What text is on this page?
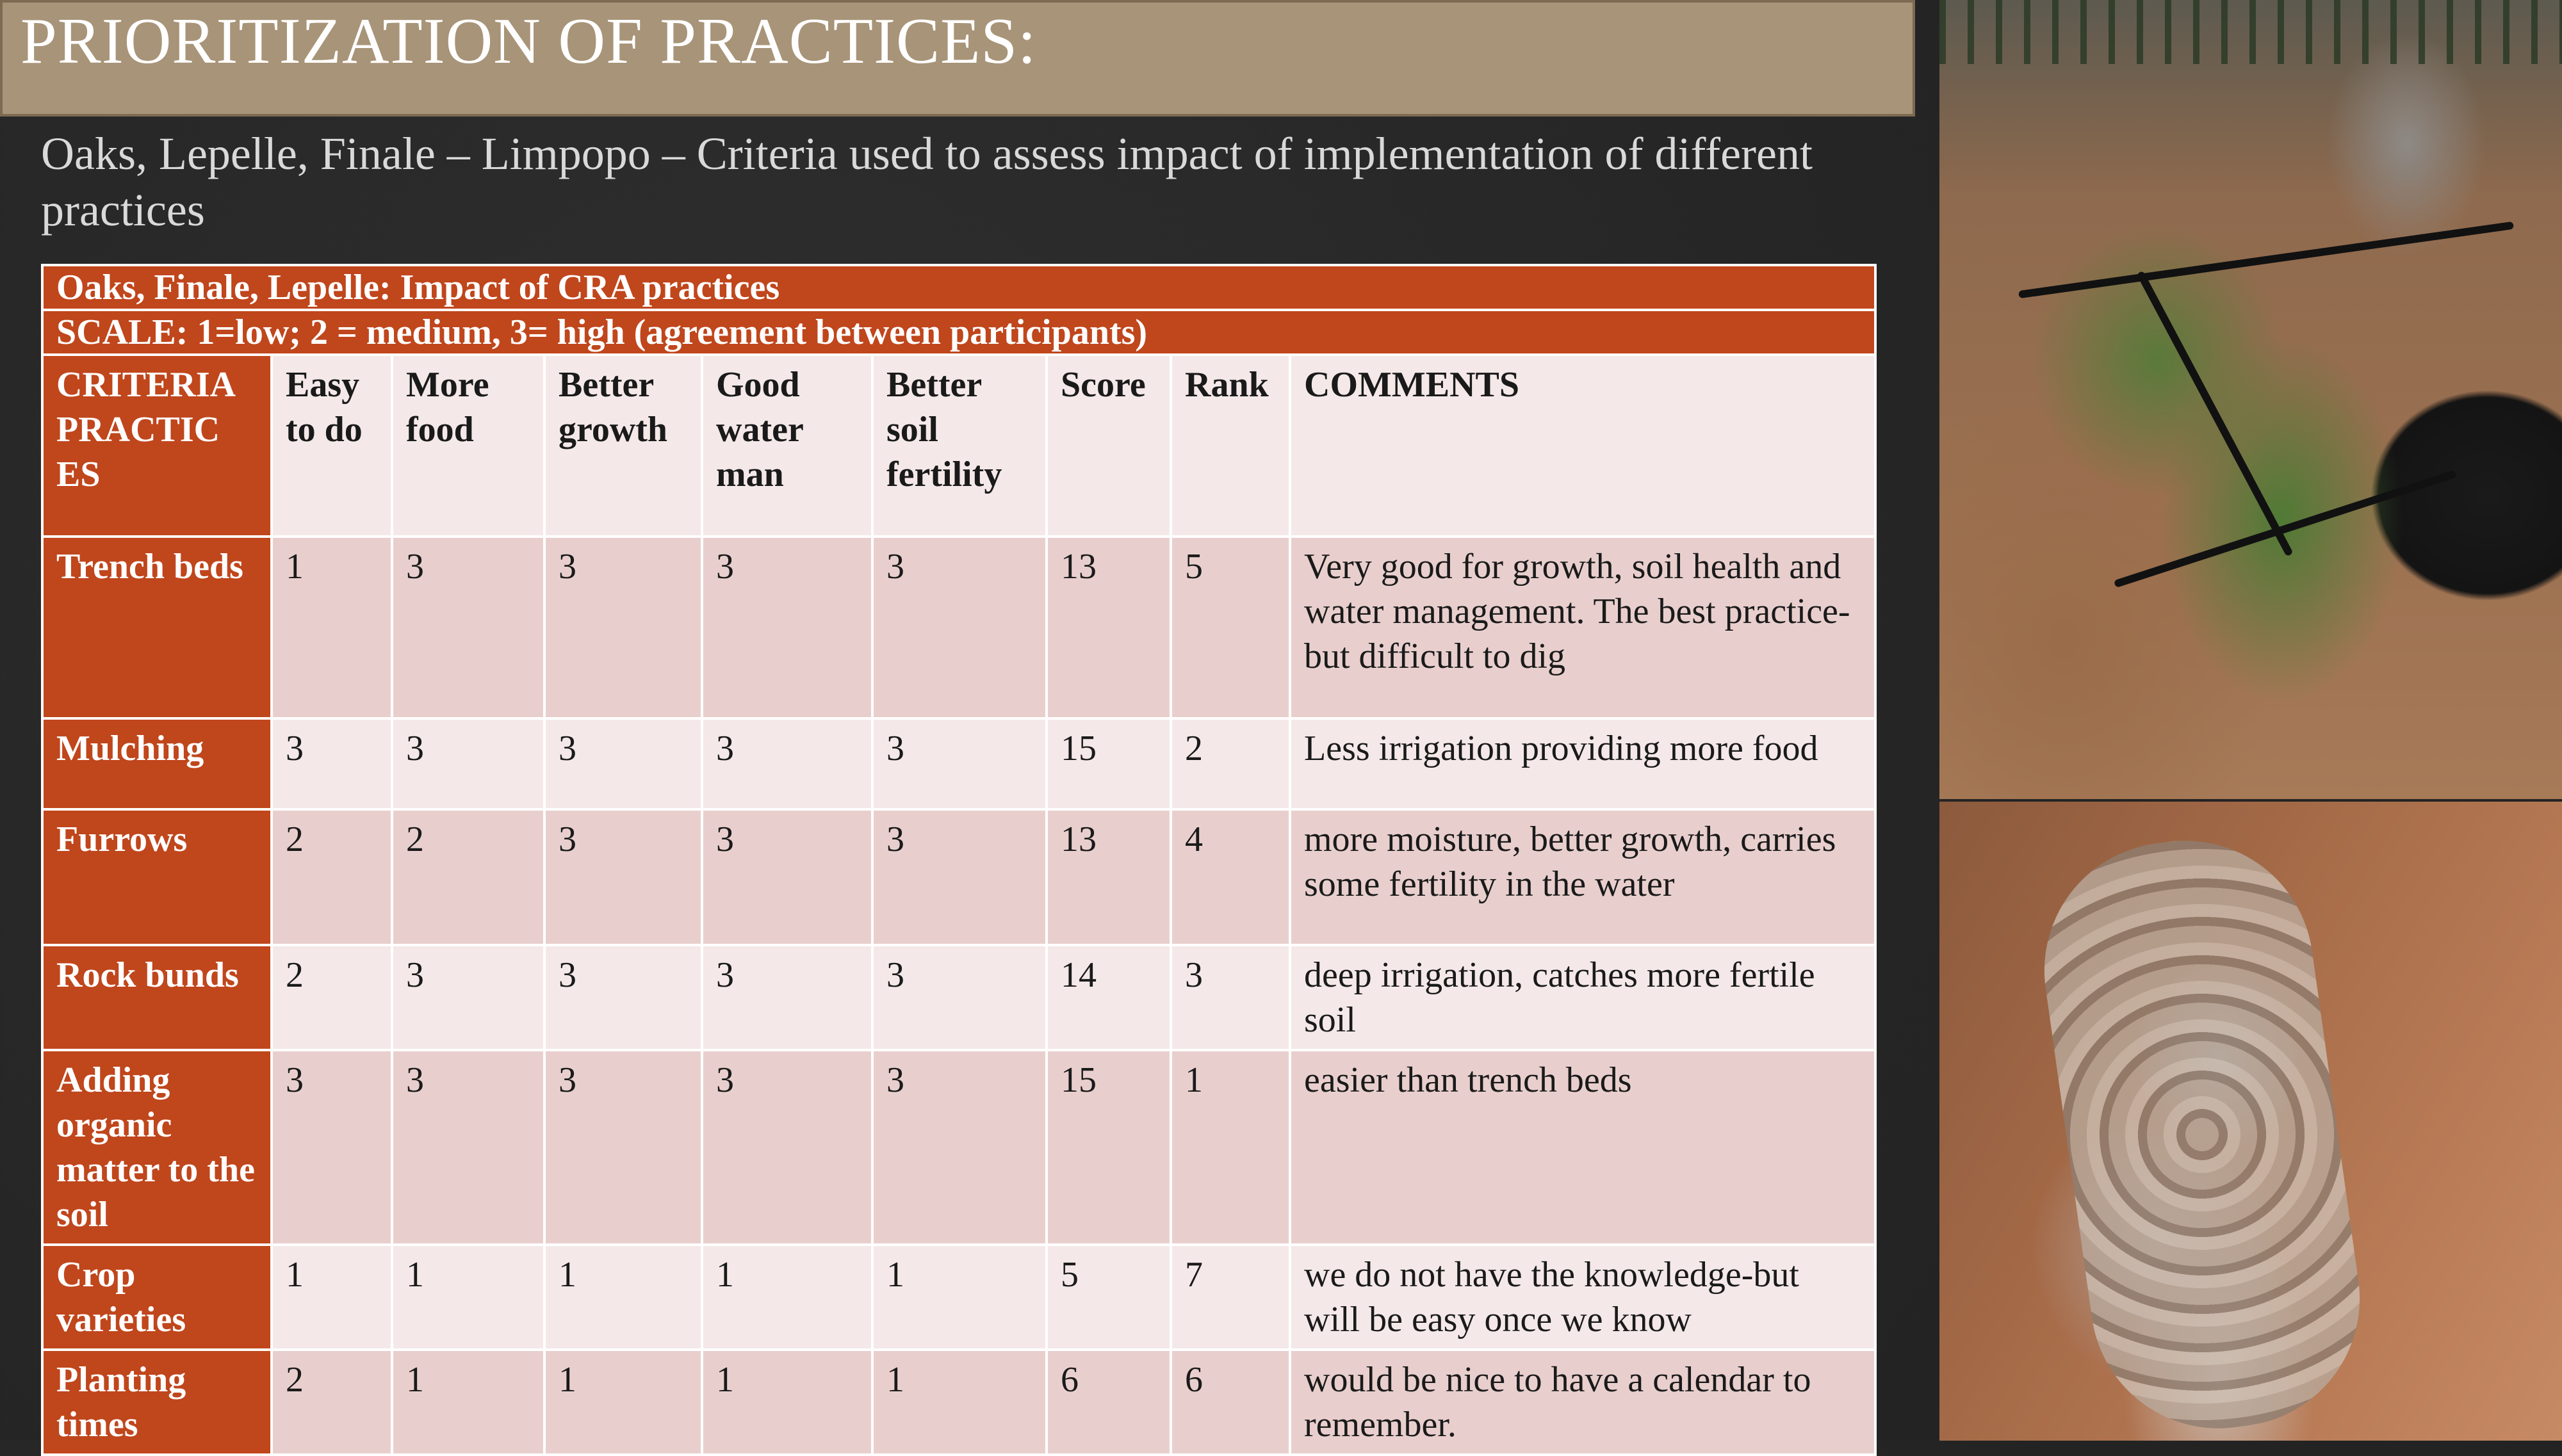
PRIORITIZATION OF PRACTICES:
Oaks, Lepelle, Finale – Limpopo – Criteria used to assess impact of implementation of different practices
Oaks, Finale, Lepelle: Impact of CRA practices								
SCALE: 1=low; 2 = medium, 3= high (agreement between participants)								
CRITERIA PRACTIC ES	Easy to do	More food	Better growth	Good water man	Better soil fertility	Score	Rank	COMMENTS
Trench beds	1	3	3	3	3	13	5	Very good for growth, soil health and water management. The best practice- but difficult to dig
Mulching	3	3	3	3	3	15	2	Less irrigation providing more food
Furrows	2	2	3	3	3	13	4	more moisture, better growth, carries some fertility in the water
Rock bunds	2	3	3	3	3	14	3	deep irrigation, catches more fertile soil
Adding organic matter to the soil	3	3	3	3	3	15	1	easier than trench beds
Crop varieties	1	1	1	1	1	5	7	we do not have the knowledge-but will be easy once we know
Planting times	2	1	1	1	1	6	6	would be nice to have a calendar to remember.
